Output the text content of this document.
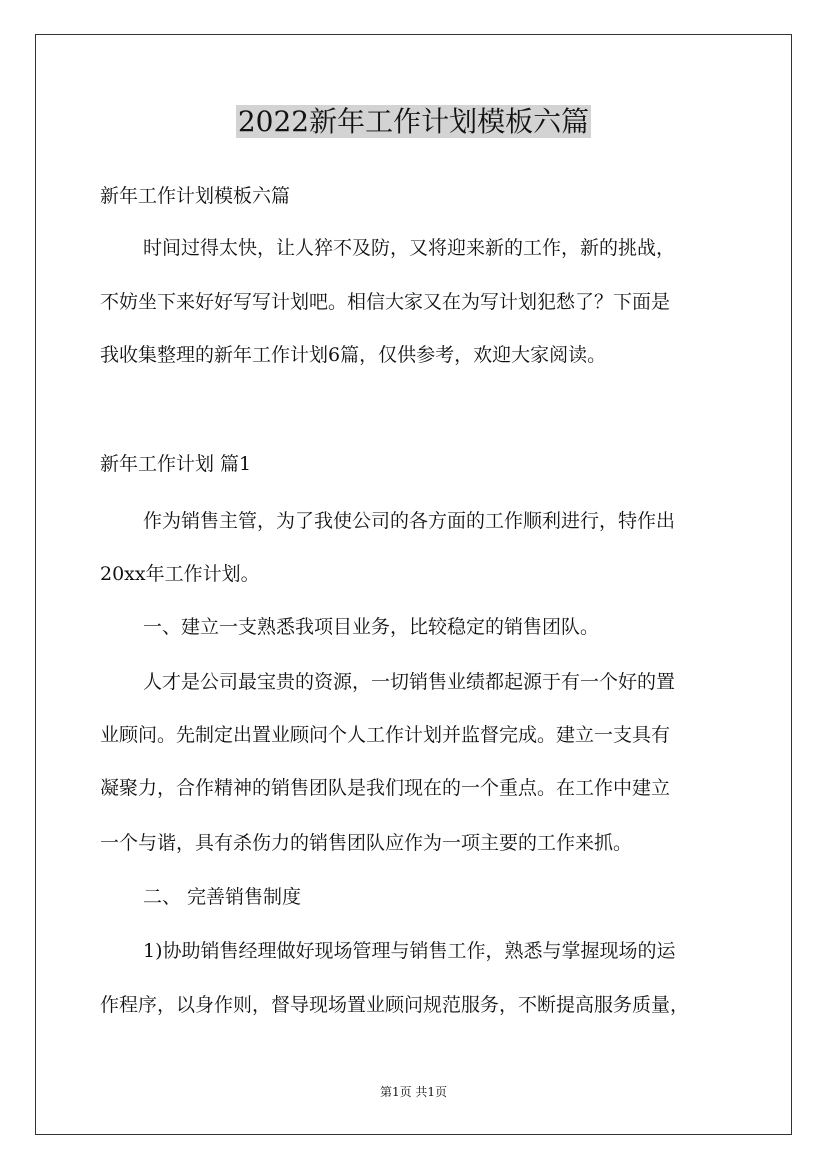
2022新年工作计划模板六篇
新年工作计划模板六篇
时间过得太快，让人猝不及防，又将迎来新的工作，新的挑战，
不妨坐下来好好写写计划吧。相信大家又在为写计划犯愁了？下面是
我收集整理的新年工作计划6篇，仅供参考，欢迎大家阅读。
新年工作计划 篇1
作为销售主管，为了我使公司的各方面的工作顺利进行，特作出
20xx年工作计划。
一、建立一支熟悉我项目业务，比较稳定的销售团队。
人才是公司最宝贵的资源，一切销售业绩都起源于有一个好的置
业顾问。先制定出置业顾问个人工作计划并监督完成。建立一支具有
凝聚力，合作精神的销售团队是我们现在的一个重点。在工作中建立
一个与谐，具有杀伤力的销售团队应作为一项主要的工作来抓。
二、 完善销售制度
1)协助销售经理做好现场管理与销售工作，熟悉与掌握现场的运
作程序，以身作则，督导现场置业顾问规范服务，不断提高服务质量，
第1页 共1页
